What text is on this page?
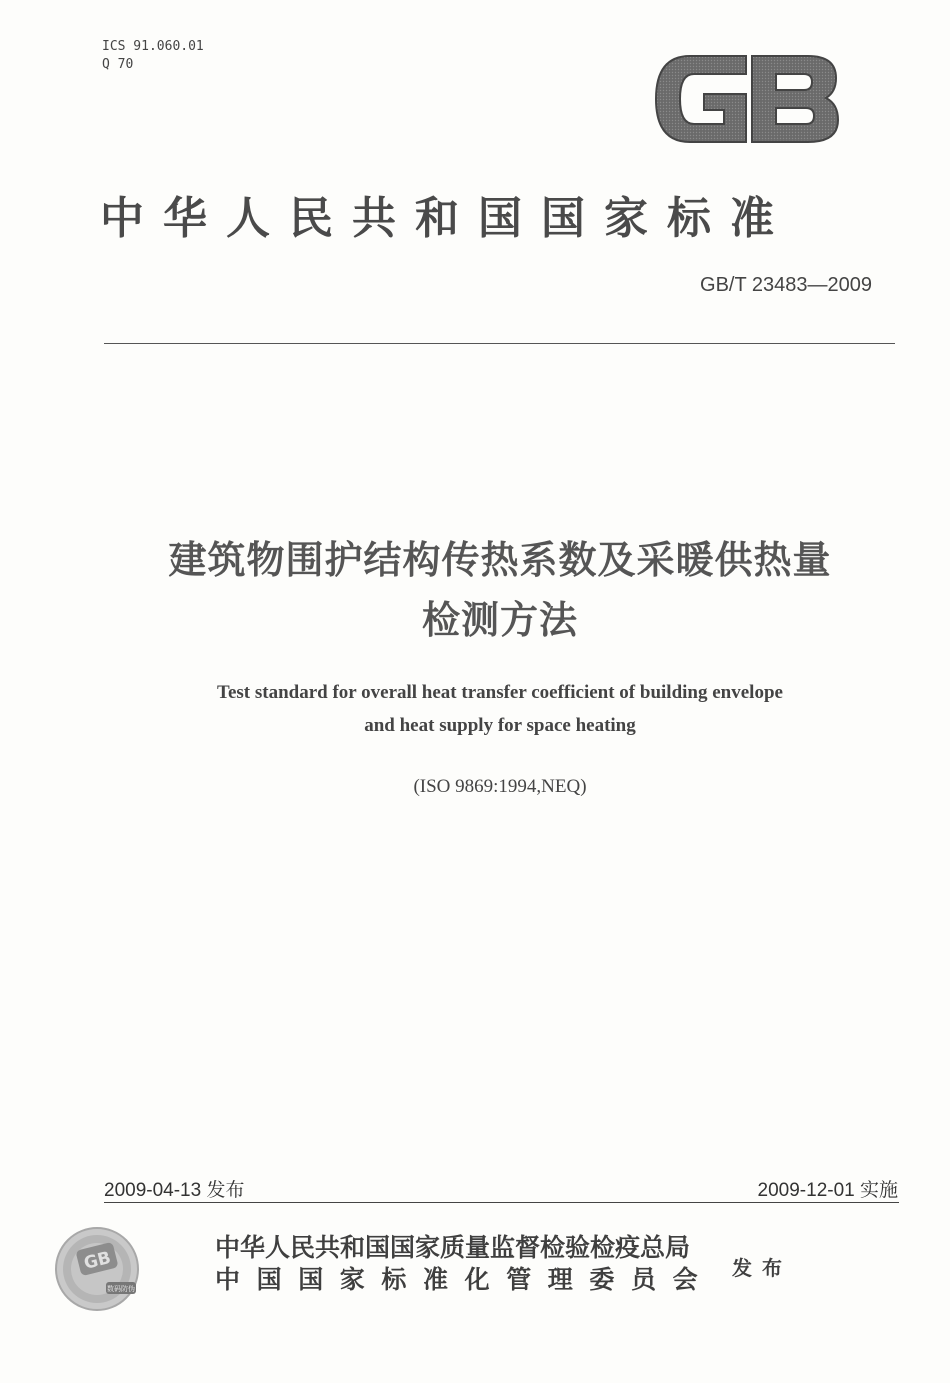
ICS 91.060.01
Q 70
中华人民共和国国家标准
GB/T 23483—2009
建筑物围护结构传热系数及采暖供热量
检测方法
Test standard for overall heat transfer coefficient of building envelope
and heat supply for space heating
(ISO 9869:1994,NEQ)
2009-04-13 发布	2009-12-01 实施
GB
数码防伪
中华人民共和国国家质量监督检验检疫总局
中国国家标准化管理委员会 发布
